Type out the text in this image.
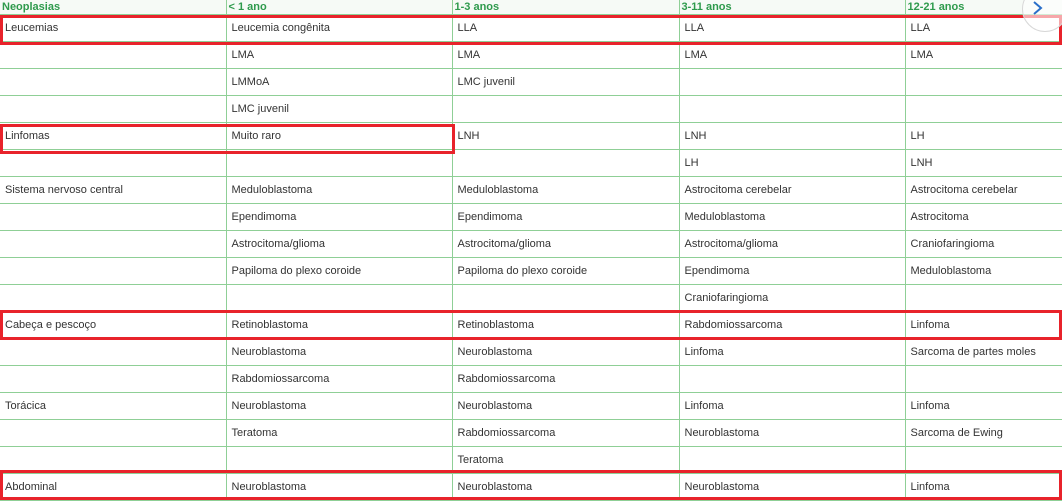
Neoplasias	< 1 ano	1-3 anos	3-11 anos	12-21 anos
Leucemias	Leucemia congênita	LLA	LLA	LLA
	LMA	LMA	LMA	LMA
	LMMoA	LMC juvenil		
	LMC juvenil			
Linfomas	Muito raro	LNH	LNH	LH
			LH	LNH
Sistema nervoso central	Meduloblastoma	Meduloblastoma	Astrocitoma cerebelar	Astrocitoma cerebelar
	Ependimoma	Ependimoma	Meduloblastoma	Astrocitoma
	Astrocitoma/glioma	Astrocitoma/glioma	Astrocitoma/glioma	Craniofaringioma
	Papiloma do plexo coroide	Papiloma do plexo coroide	Ependimoma	Meduloblastoma
			Craniofaringioma	
Cabeça e pescoço	Retinoblastoma	Retinoblastoma	Rabdomiossarcoma	Linfoma
	Neuroblastoma	Neuroblastoma	Linfoma	Sarcoma de partes moles
	Rabdomiossarcoma	Rabdomiossarcoma		
Torácica	Neuroblastoma	Neuroblastoma	Linfoma	Linfoma
	Teratoma	Rabdomiossarcoma	Neuroblastoma	Sarcoma de Ewing
		Teratoma		
Abdominal	Neuroblastoma	Neuroblastoma	Neuroblastoma	Linfoma
